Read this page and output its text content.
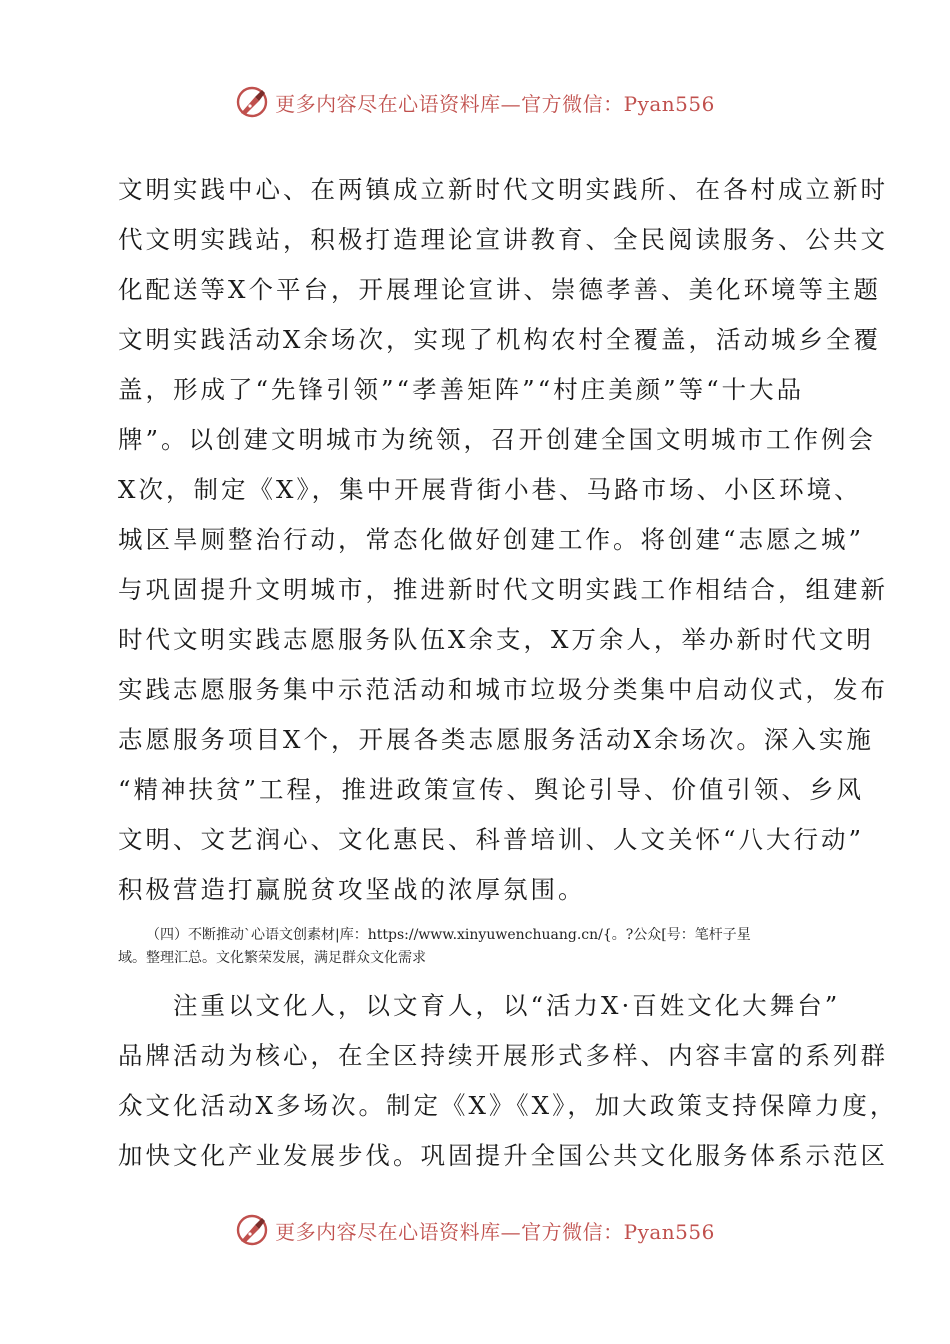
更多内容尽在心语资料库—官方微信：Pyan556
文明实践中心、在两镇成立新时代文明实践所、在各村成立新时
代文明实践站，积极打造理论宣讲教育、全民阅读服务、公共文
化配送等X个平台，开展理论宣讲、崇德孝善、美化环境等主题
文明实践活动X余场次，实现了机构农村全覆盖，活动城乡全覆
盖，形成了“先锋引领”“孝善矩阵”“村庄美颜”等“十大品
牌”。以创建文明城市为统领，召开创建全国文明城市工作例会
X次，制定《X》，集中开展背街小巷、马路市场、小区环境、
城区旱厕整治行动，常态化做好创建工作。将创建“志愿之城”
与巩固提升文明城市，推进新时代文明实践工作相结合，组建新
时代文明实践志愿服务队伍X余支，X万余人，举办新时代文明
实践志愿服务集中示范活动和城市垃圾分类集中启动仪式，发布
志愿服务项目X个，开展各类志愿服务活动X余场次。深入实施
“精神扶贫”工程，推进政策宣传、舆论引导、价值引领、乡风
文明、文艺润心、文化惠民、科普培训、人文关怀“八大行动”
积极营造打赢脱贫攻坚战的浓厚氛围。
（四）不断推动`心语文创素材|库：https://www.xinyuwenchuang.cn/{。?公众[号：笔杆子星
域。整理汇总。文化繁荣发展，满足群众文化需求
　　注重以文化人，以文育人，以“活力X·百姓文化大舞台”
品牌活动为核心，在全区持续开展形式多样、内容丰富的系列群
众文化活动X多场次。制定《X》《X》，加大政策支持保障力度，
加快文化产业发展步伐。巩固提升全国公共文化服务体系示范区
更多内容尽在心语资料库—官方微信：Pyan556
